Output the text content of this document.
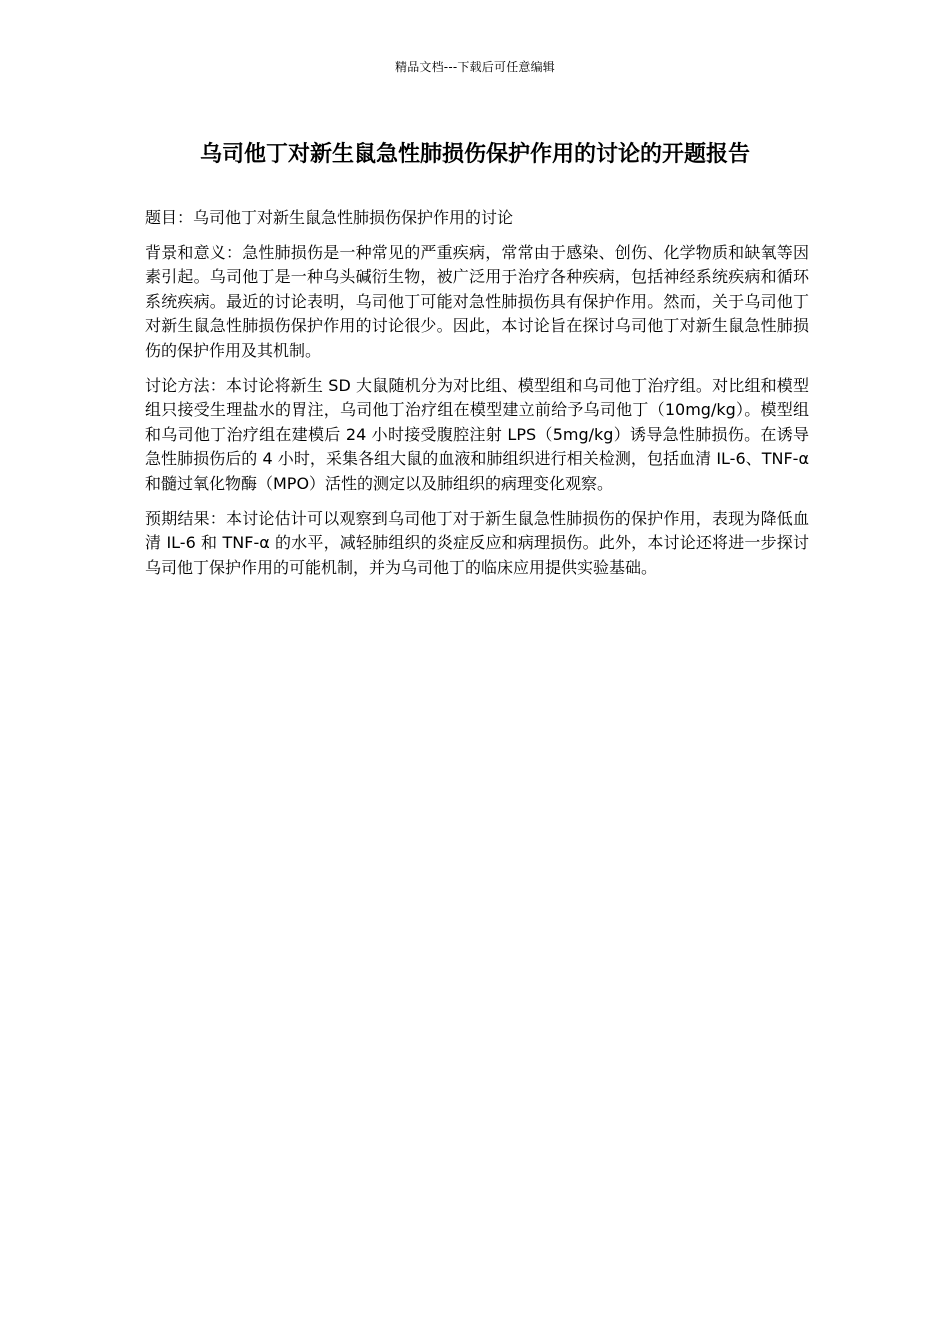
精品文档---下载后可任意编辑
乌司他丁对新生鼠急性肺损伤保护作用的讨论的开题报告

题目：乌司他丁对新生鼠急性肺损伤保护作用的讨论

背景和意义：急性肺损伤是一种常见的严重疾病，常常由于感染、创伤、化学物质和缺氧等因素引起。乌司他丁是一种乌头碱衍生物，被广泛用于治疗各种疾病，包括神经系统疾病和循环系统疾病。最近的讨论表明，乌司他丁可能对急性肺损伤具有保护作用。然而，关于乌司他丁对新生鼠急性肺损伤保护作用的讨论很少。因此，本讨论旨在探讨乌司他丁对新生鼠急性肺损伤的保护作用及其机制。

讨论方法：本讨论将新生 SD 大鼠随机分为对比组、模型组和乌司他丁治疗组。对比组和模型组只接受生理盐水的胃注，乌司他丁治疗组在模型建立前给予乌司他丁（10mg/kg）。模型组和乌司他丁治疗组在建模后 24 小时接受腹腔注射 LPS（5mg/kg）诱导急性肺损伤。在诱导急性肺损伤后的 4 小时，采集各组大鼠的血液和肺组织进行相关检测，包括血清 IL-6、TNF-α 和髓过氧化物酶（MPO）活性的测定以及肺组织的病理变化观察。

预期结果：本讨论估计可以观察到乌司他丁对于新生鼠急性肺损伤的保护作用，表现为降低血清 IL-6 和 TNF-α 的水平，减轻肺组织的炎症反应和病理损伤。此外，本讨论还将进一步探讨乌司他丁保护作用的可能机制，并为乌司他丁的临床应用提供实验基础。
